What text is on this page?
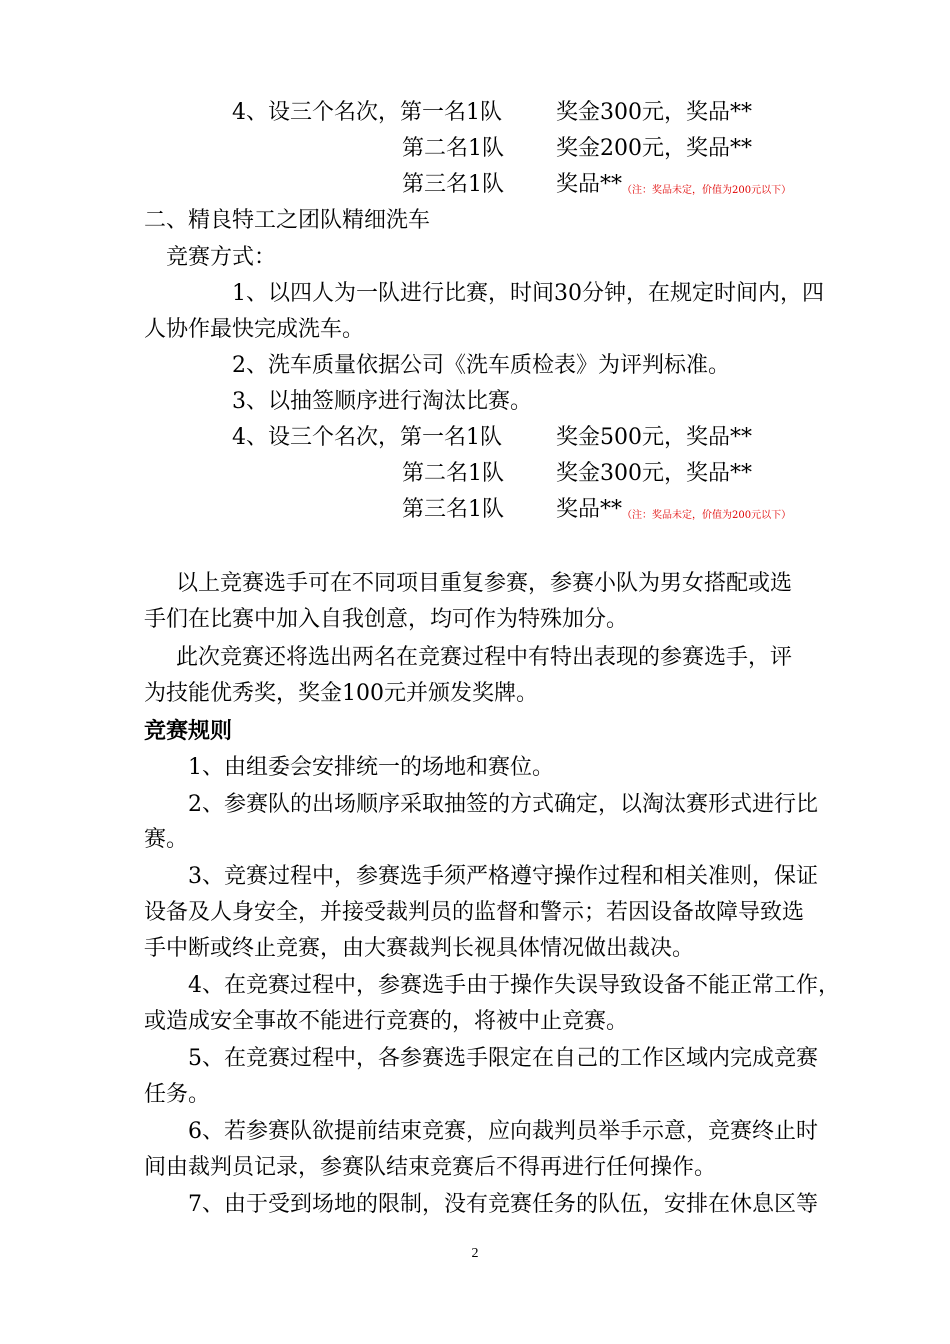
4、设三个名次，第一名1队 奖金300元，奖品**
第二名1队 奖金200元，奖品**
第三名1队 奖品**（注：奖品未定，价值为200元以下）
二、精良特工之团队精细洗车
竞赛方式：
1、以四人为一队进行比赛，时间30分钟，在规定时间内，四
人协作最快完成洗车。
2、洗车质量依据公司《洗车质检表》为评判标准。
3、以抽签顺序进行淘汰比赛。
4、设三个名次，第一名1队 奖金500元，奖品**
第二名1队 奖金300元，奖品**
第三名1队 奖品**（注：奖品未定，价值为200元以下）
以上竞赛选手可在不同项目重复参赛，参赛小队为男女搭配或选
手们在比赛中加入自我创意，均可作为特殊加分。
此次竞赛还将选出两名在竞赛过程中有特出表现的参赛选手，评
为技能优秀奖，奖金100元并颁发奖牌。
竞赛规则
1、由组委会安排统一的场地和赛位。
2、参赛队的出场顺序采取抽签的方式确定，以淘汰赛形式进行比
赛。
3、竞赛过程中，参赛选手须严格遵守操作过程和相关准则，保证
设备及人身安全，并接受裁判员的监督和警示；若因设备故障导致选
手中断或终止竞赛，由大赛裁判长视具体情况做出裁决。
4、在竞赛过程中，参赛选手由于操作失误导致设备不能正常工作，
或造成安全事故不能进行竞赛的，将被中止竞赛。
5、在竞赛过程中，各参赛选手限定在自己的工作区域内完成竞赛
任务。
6、若参赛队欲提前结束竞赛，应向裁判员举手示意，竞赛终止时
间由裁判员记录，参赛队结束竞赛后不得再进行任何操作。
7、由于受到场地的限制，没有竞赛任务的队伍，安排在休息区等
2
